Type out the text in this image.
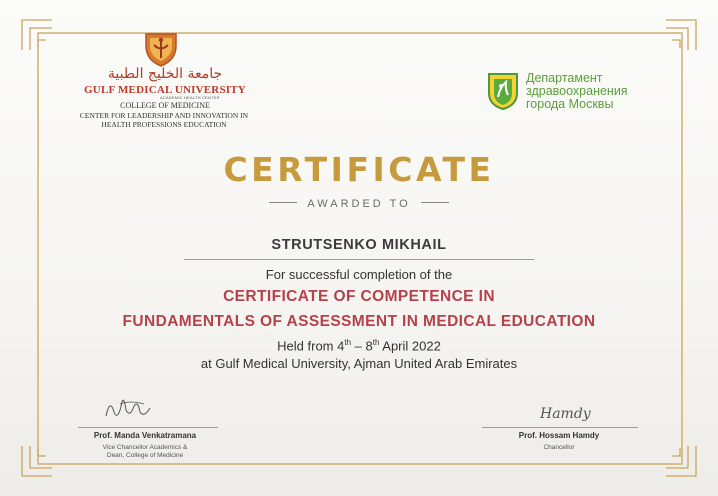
جامعة الخليج الطبية
GULF MEDICAL UNIVERSITY
ACADEMIC HEALTH CENTER
COLLEGE OF MEDICINE
CENTER FOR LEADERSHIP AND INNOVATION IN
HEALTH PROFESSIONS EDUCATION
Департамент
здравоохранения
города Москвы
CERTIFICATE
AWARDED TO
STRUTSENKO MIKHAIL
For successful completion of the
CERTIFICATE OF COMPETENCE IN
FUNDAMENTALS OF ASSESSMENT IN MEDICAL EDUCATION
Held from 4th – 8th April 2022
at Gulf Medical University, Ajman United Arab Emirates
Prof. Manda Venkatramana
Vice Chancellor Academics &
Dean, College of Medicine
Hamdy
Prof. Hossam Hamdy
Chancellor
